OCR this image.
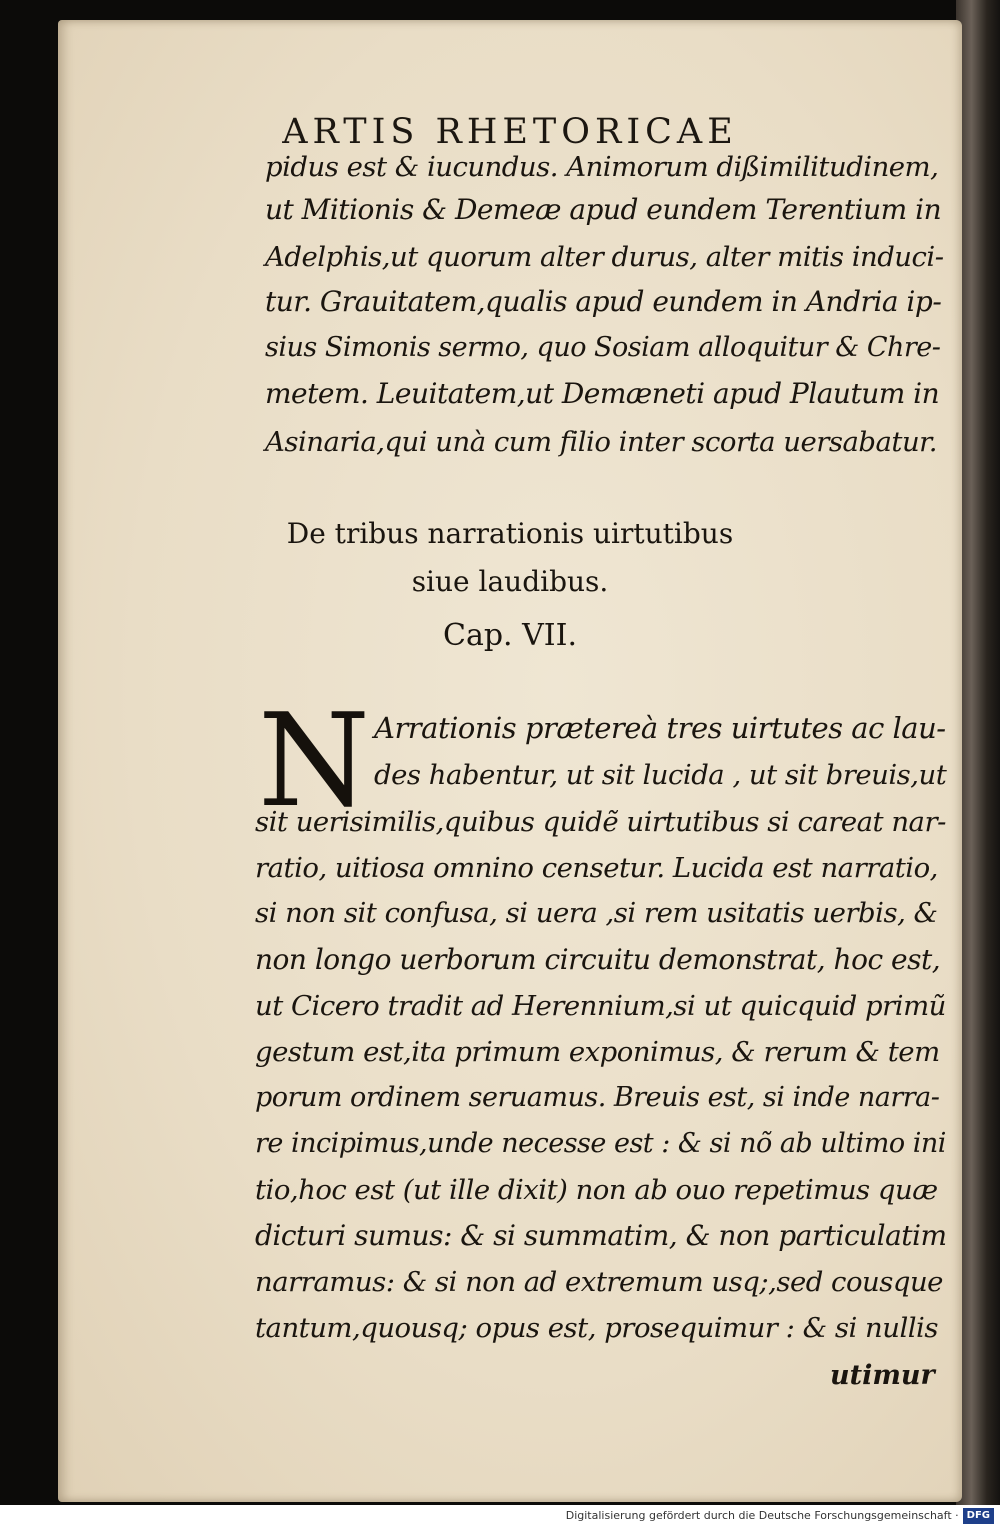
ARTIS RHETORICAE
pidus est & iucundus. Animorum dißimilitudinem,
ut Mitionis & Demeæ apud eundem Terentium in
Adelphis,ut quorum alter durus, alter mitis induci-
tur. Grauitatem,qualis apud eundem in Andria ip-
sius Simonis sermo, quo Sosiam alloquitur & Chre-
metem. Leuitatem,ut Demæneti apud Plautum in
Asinaria,qui unà cum filio inter scorta uersabatur.
De tribus narrationis uirtutibus
siue laudibus.
Cap. VII.
N Arrationis prætereà tres uirtutes ac lau-
des habentur, ut sit lucida , ut sit breuis,ut
sit uerisimilis,quibus quidẽ uirtutibus si careat nar-
ratio, uitiosa omnino censetur. Lucida est narratio,
si non sit confusa, si uera ,si rem usitatis uerbis, &
non longo uerborum circuitu demonstrat, hoc est,
ut Cicero tradit ad Herennium,si ut quicquid primũ
gestum est,ita primum exponimus, & rerum & tem
porum ordinem seruamus. Breuis est, si inde narra-
re incipimus,unde necesse est : & si nõ ab ultimo ini
tio,hoc est (ut ille dixit) non ab ouo repetimus quæ
dicturi sumus: & si summatim, & non particulatim
narramus: & si non ad extremum usq;,sed cousque
tantum,quousq; opus est, prosequimur : & si nullis
utimur
Digitalisierung gefördert durch die Deutsche Forschungsgemeinschaft · DFG
